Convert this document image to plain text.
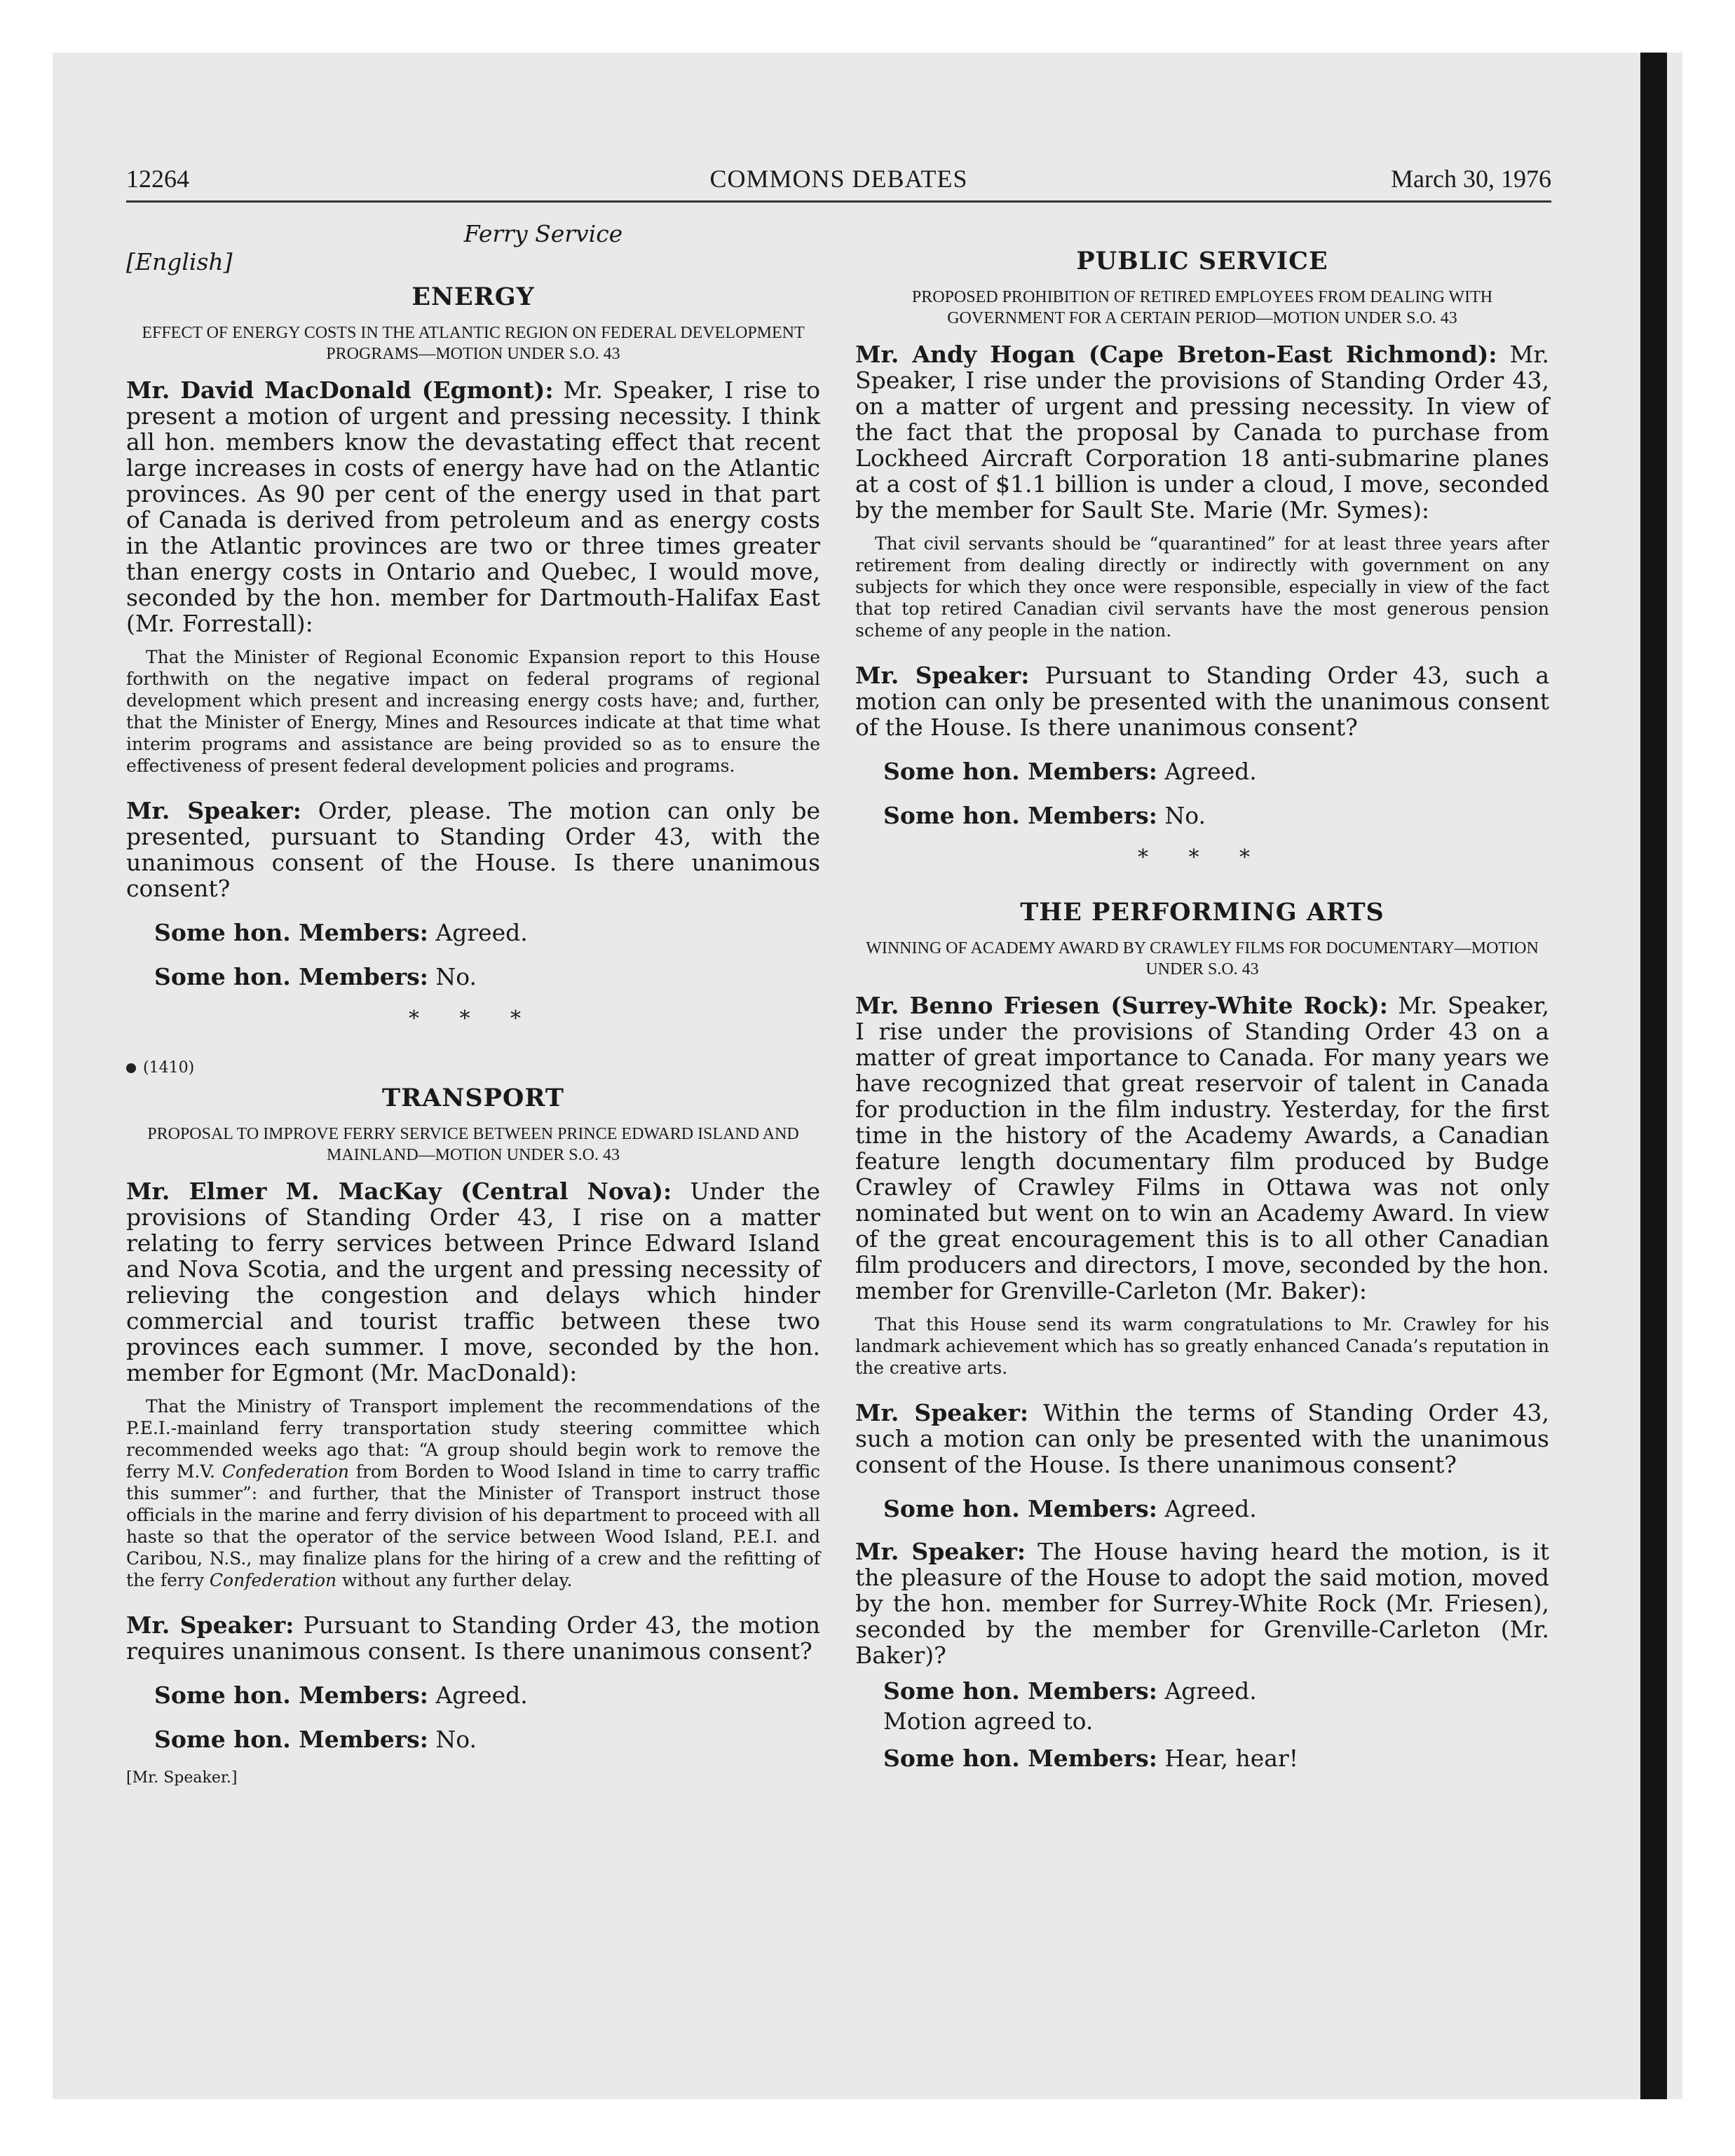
12264	COMMONS DEBATES	March 30, 1976
Ferry Service
[English]
ENERGY
EFFECT OF ENERGY COSTS IN THE ATLANTIC REGION ON FEDERAL DEVELOPMENT PROGRAMS—MOTION UNDER S.O. 43

Mr. David MacDonald (Egmont): Mr. Speaker, I rise to present a motion of urgent and pressing necessity. I think all hon. members know the devastating effect that recent large increases in costs of energy have had on the Atlantic provinces. As 90 per cent of the energy used in that part of Canada is derived from petroleum and as energy costs in the Atlantic provinces are two or three times greater than energy costs in Ontario and Quebec, I would move, seconded by the hon. member for Dartmouth-Halifax East (Mr. Forrestall):

That the Minister of Regional Economic Expansion report to this House forthwith on the negative impact on federal programs of regional development which present and increasing energy costs have; and, further, that the Minister of Energy, Mines and Resources indicate at that time what interim programs and assistance are being provided so as to ensure the effectiveness of present federal development policies and programs.

Mr. Speaker: Order, please. The motion can only be presented, pursuant to Standing Order 43, with the unanimous consent of the House. Is there unanimous consent?

Some hon. Members: Agreed.

Some hon. Members: No.

* * *
(1410)
TRANSPORT
PROPOSAL TO IMPROVE FERRY SERVICE BETWEEN PRINCE EDWARD ISLAND AND MAINLAND—MOTION UNDER S.O. 43

Mr. Elmer M. MacKay (Central Nova): Under the provisions of Standing Order 43, I rise on a matter relating to ferry services between Prince Edward Island and Nova Scotia, and the urgent and pressing necessity of relieving the congestion and delays which hinder commercial and tourist traffic between these two provinces each summer. I move, seconded by the hon. member for Egmont (Mr. MacDonald):

That the Ministry of Transport implement the recommendations of the P.E.I.-mainland ferry transportation study steering committee which recommended weeks ago that: “A group should begin work to remove the ferry M.V. Confederation from Borden to Wood Island in time to carry traffic this summer”: and further, that the Minister of Transport instruct those officials in the marine and ferry division of his department to proceed with all haste so that the operator of the service between Wood Island, P.E.I. and Caribou, N.S., may finalize plans for the hiring of a crew and the refitting of the ferry Confederation without any further delay.

Mr. Speaker: Pursuant to Standing Order 43, the motion requires unanimous consent. Is there unanimous consent?

Some hon. Members: Agreed.

Some hon. Members: No.

[Mr. Speaker.]
PUBLIC SERVICE
PROPOSED PROHIBITION OF RETIRED EMPLOYEES FROM DEALING WITH GOVERNMENT FOR A CERTAIN PERIOD—MOTION UNDER S.O. 43

Mr. Andy Hogan (Cape Breton-East Richmond): Mr. Speaker, I rise under the provisions of Standing Order 43, on a matter of urgent and pressing necessity. In view of the fact that the proposal by Canada to purchase from Lockheed Aircraft Corporation 18 anti-submarine planes at a cost of $1.1 billion is under a cloud, I move, seconded by the member for Sault Ste. Marie (Mr. Symes):

That civil servants should be “quarantined” for at least three years after retirement from dealing directly or indirectly with government on any subjects for which they once were responsible, especially in view of the fact that top retired Canadian civil servants have the most generous pension scheme of any people in the nation.

Mr. Speaker: Pursuant to Standing Order 43, such a motion can only be presented with the unanimous consent of the House. Is there unanimous consent?

Some hon. Members: Agreed.

Some hon. Members: No.

* * *
THE PERFORMING ARTS
WINNING OF ACADEMY AWARD BY CRAWLEY FILMS FOR DOCUMENTARY—MOTION UNDER S.O. 43

Mr. Benno Friesen (Surrey-White Rock): Mr. Speaker, I rise under the provisions of Standing Order 43 on a matter of great importance to Canada. For many years we have recognized that great reservoir of talent in Canada for production in the film industry. Yesterday, for the first time in the history of the Academy Awards, a Canadian feature length documentary film produced by Budge Crawley of Crawley Films in Ottawa was not only nominated but went on to win an Academy Award. In view of the great encouragement this is to all other Canadian film producers and directors, I move, seconded by the hon. member for Grenville-Carleton (Mr. Baker):

That this House send its warm congratulations to Mr. Crawley for his landmark achievement which has so greatly enhanced Canada’s reputation in the creative arts.

Mr. Speaker: Within the terms of Standing Order 43, such a motion can only be presented with the unanimous consent of the House. Is there unanimous consent?

Some hon. Members: Agreed.

Mr. Speaker: The House having heard the motion, is it the pleasure of the House to adopt the said motion, moved by the hon. member for Surrey-White Rock (Mr. Friesen), seconded by the member for Grenville-Carleton (Mr. Baker)?

Some hon. Members: Agreed.

Motion agreed to.

Some hon. Members: Hear, hear!
